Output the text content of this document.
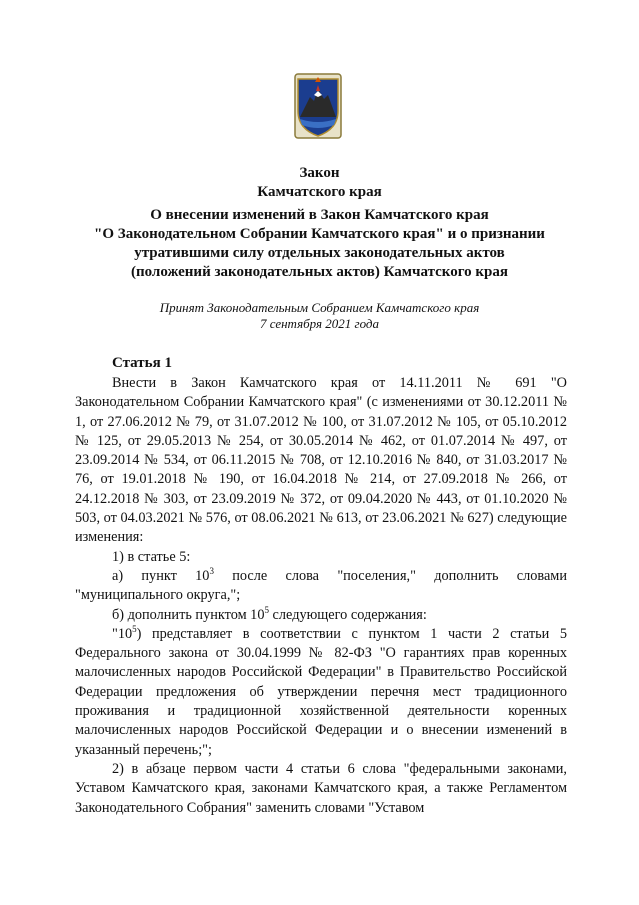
Закон
Камчатского края
О внесении изменений в Закон Камчатского края
"О Законодательном Собрании Камчатского края" и о признании
утратившими силу отдельных законодательных актов
(положений законодательных актов) Камчатского края
Принят Законодательным Собранием Камчатского края
7 сентября 2021 года
Статья 1

Внести в Закон Камчатского края от 14.11.2011 № 691 "О Законодательном Собрании Камчатского края" (с изменениями от 30.12.2011 № 1, от 27.06.2012 № 79, от 31.07.2012 № 100, от 31.07.2012 № 105, от 05.10.2012 № 125, от 29.05.2013 № 254, от 30.05.2014 № 462, от 01.07.2014 № 497, от 23.09.2014 № 534, от 06.11.2015 № 708, от 12.10.2016 № 840, от 31.03.2017 № 76, от 19.01.2018 № 190, от 16.04.2018 № 214, от 27.09.2018 № 266, от 24.12.2018 № 303, от 23.09.2019 № 372, от 09.04.2020 № 443, от 01.10.2020 № 503, от 04.03.2021 № 576, от 08.06.2021 № 613, от 23.06.2021 № 627) следующие изменения:

1) в статье 5:

а) пункт $10^3$ после слова "поселения," дополнить словами "муниципального округа,";

б) дополнить пунктом $10^5$ следующего содержания:

"$10^5$) представляет в соответствии с пунктом 1 части 2 статьи 5 Федерального закона от 30.04.1999 № 82-ФЗ "О гарантиях прав коренных малочисленных народов Российской Федерации" в Правительство Российской Федерации предложения об утверждении перечня мест традиционного проживания и традиционной хозяйственной деятельности коренных малочисленных народов Российской Федерации и о внесении изменений в указанный перечень;";

2) в абзаце первом части 4 статьи 6 слова "федеральными законами, Уставом Камчатского края, законами Камчатского края, а также Регламентом Законодательного Собрания" заменить словами "Уставом
